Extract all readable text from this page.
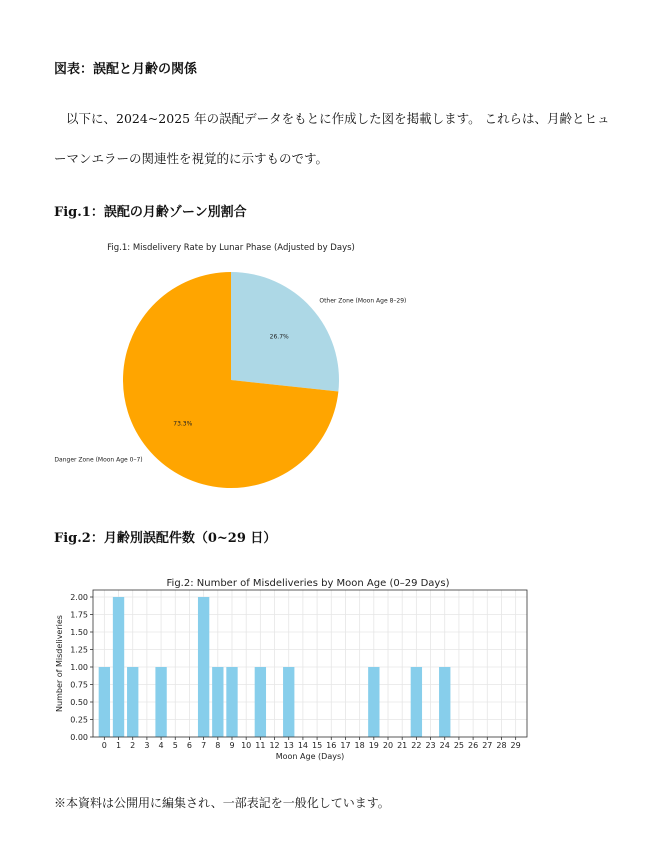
図表：誤配と月齢の関係
以下に、2024~2025 年の誤配データをもとに作成した図を掲載します。 これらは、月齢とヒュ
ーマンエラーの関連性を視覚的に示すものです。
Fig.1：誤配の月齢ゾーン別割合
Fig.1: Misdelivery Rate by Lunar Phase (Adjusted by Days)
26.7%
Other Zone (Moon Age 8–29)
73.3%
Danger Zone (Moon Age 0–7)
Fig.2：月齢別誤配件数（0~29 日）
Fig.2: Number of Misdeliveries by Moon Age (0–29 Days)
0 1 2 3 4 5 6 7 8 9 10 11 12 13 14 15 16 17 18 19 20 21 22 23 24 25 26 27 28 29
0.00
0.25
0.50
0.75
1.00
1.25
1.50
1.75
2.00
Moon Age (Days)
Number of Misdeliveries
※本資料は公開用に編集され、一部表記を一般化しています。
